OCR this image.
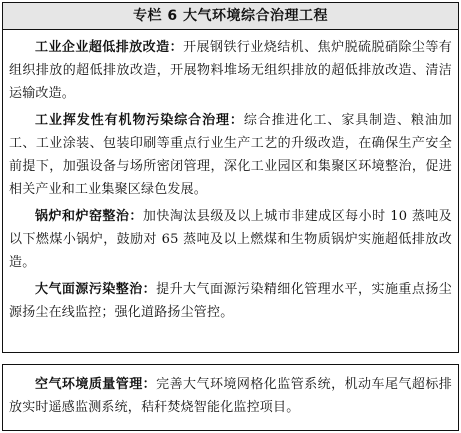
专栏 6 大气环境综合治理工程

工业企业超低排放改造：开展钢铁行业烧结机、焦炉脱硫脱硝除尘等有组织排放的超低排放改造，开展物料堆场无组织排放的超低排放改造、清洁运输改造。

工业挥发性有机物污染综合治理：综合推进化工、家具制造、粮油加工、工业涂装、包装印刷等重点行业生产工艺的升级改造，在确保生产安全前提下，加强设备与场所密闭管理，深化工业园区和集聚区环境整治，促进相关产业和工业集聚区绿色发展。

锅炉和炉窑整治：加快淘汰县级及以上城市非建成区每小时 10 蒸吨及以下燃煤小锅炉，鼓励对 65 蒸吨及以上燃煤和生物质锅炉实施超低排放改造。

大气面源污染整治：提升大气面源污染精细化管理水平，实施重点扬尘源扬尘在线监控；强化道路扬尘管控。

空气环境质量管理：完善大气环境网格化监管系统，机动车尾气超标排放实时遥感监测系统，秸秆焚烧智能化监控项目。
